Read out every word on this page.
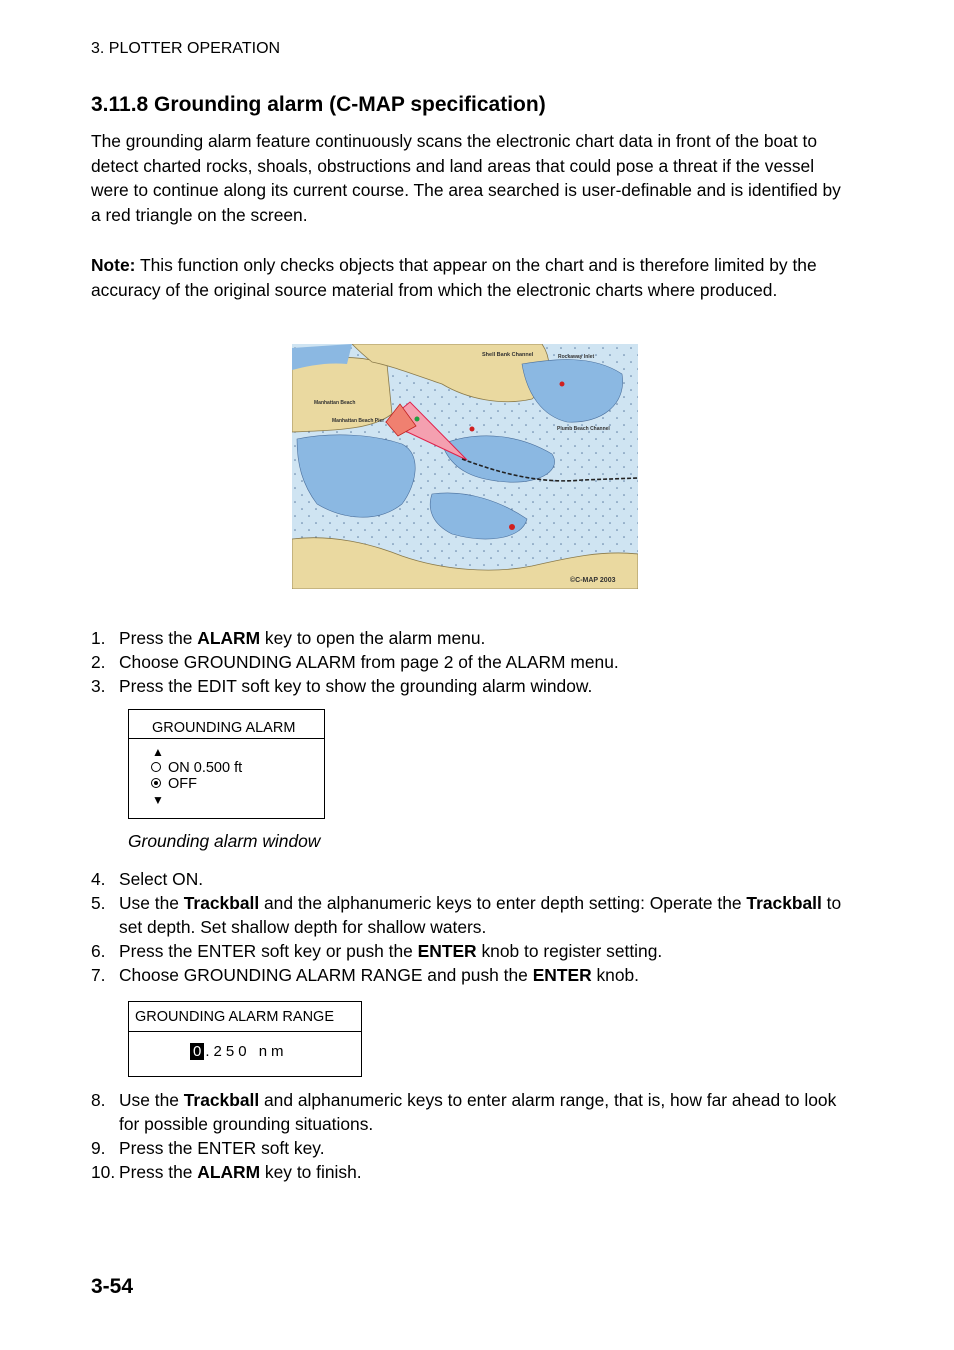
3. PLOTTER OPERATION
3.11.8 Grounding alarm (C-MAP specification)

The grounding alarm feature continuously scans the electronic chart data in front of the boat to detect charted rocks, shoals, obstructions and land areas that could pose a threat if the vessel were to continue along its current course. The area searched is user-definable and is identified by a red triangle on the screen.

Note: This function only checks objects that appear on the chart and is therefore limited by the accuracy of the original source material from which the electronic charts where produced.

Shell Bank Channel
Manhattan Beach
Manhattan Beach Pier
Plumb Beach Channel
Rockaway Inlet
©C-MAP 2003
1. Press the ALARM key to open the alarm menu.
2. Choose GROUNDING ALARM from page 2 of the ALARM menu.
3. Press the EDIT soft key to show the grounding alarm window.
GROUNDING ALARM
▲
ON 0.500 ft
OFF
▼
Grounding alarm window
4. Select ON.
5. Use the Trackball and the alphanumeric keys to enter depth setting: Operate the Trackball to set depth. Set shallow depth for shallow waters.
6. Press the ENTER soft key or push the ENTER knob to register setting.
7. Choose GROUNDING ALARM RANGE and push the ENTER knob.
GROUNDING ALARM RANGE
0 .250 nm
8. Use the Trackball and alphanumeric keys to enter alarm range, that is, how far ahead to look for possible grounding situations.
9. Press the ENTER soft key.
10. Press the ALARM key to finish.
3-54
